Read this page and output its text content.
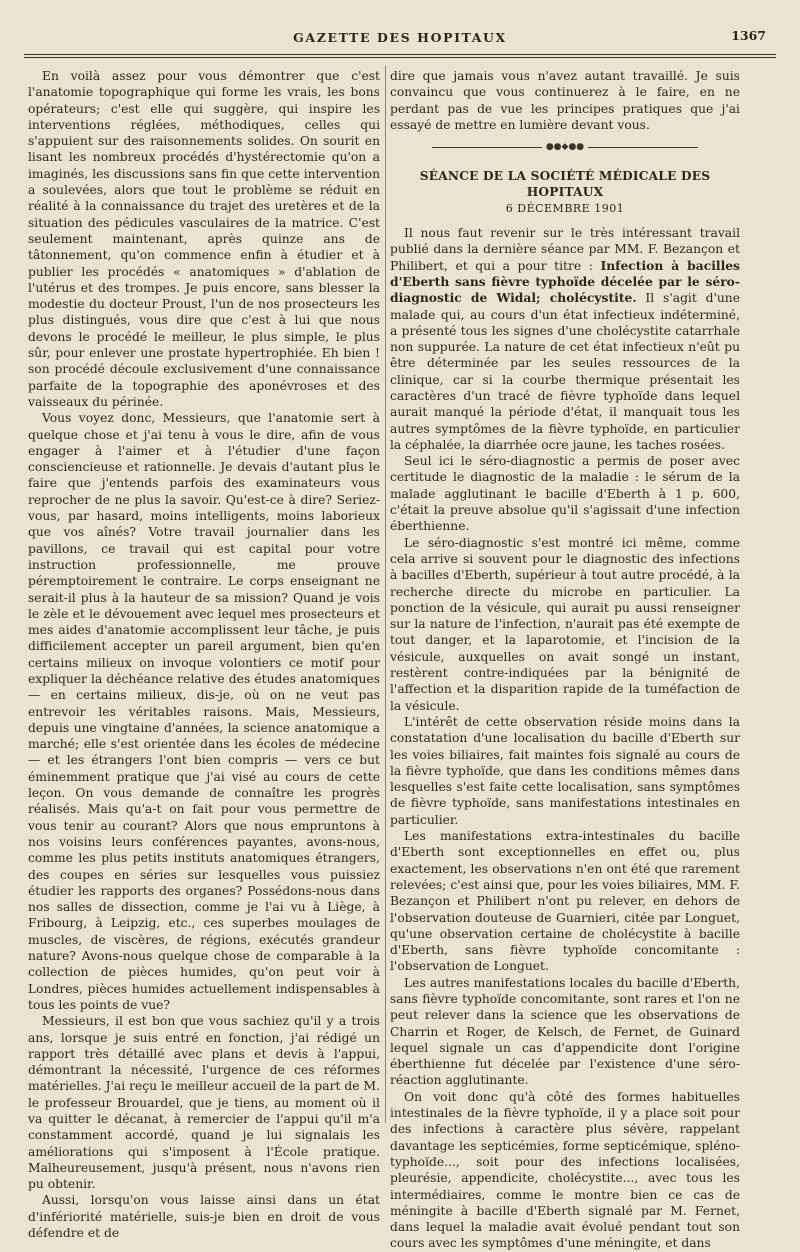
GAZETTE DES HOPITAUX	1367

En voilà assez pour vous démontrer que c'est l'anatomie topographique qui forme les vrais, les bons opérateurs; c'est elle qui suggère, qui inspire les interventions réglées, méthodiques, celles qui s'appuient sur des raisonnements solides. On sourit en lisant les nombreux procédés d'hystérectomie qu'on a imaginés, les discussions sans fin que cette intervention a soulevées, alors que tout le problème se réduit en réalité à la connaissance du trajet des uretères et de la situation des pédicules vasculaires de la matrice. C'est seulement maintenant, après quinze ans de tâtonnement, qu'on commence enfin à étudier et à publier les procédés « anatomiques » d'ablation de l'utérus et des trompes. Je puis encore, sans blesser la modestie du docteur Proust, l'un de nos prosecteurs les plus distingués, vous dire que c'est à lui que nous devons le procédé le meilleur, le plus simple, le plus sûr, pour enlever une prostate hypertrophiée. Eh bien ! son procédé découle exclusivement d'une connaissance parfaite de la topographie des aponévroses et des vaisseaux du périnée.

Vous voyez donc, Messieurs, que l'anatomie sert à quelque chose et j'ai tenu à vous le dire, afin de vous engager à l'aimer et à l'étudier d'une façon consciencieuse et rationnelle. Je devais d'autant plus le faire que j'entends parfois des examinateurs vous reprocher de ne plus la savoir. Qu'est-ce à dire? Seriez-vous, par hasard, moins intelligents, moins laborieux que vos aînés? Votre travail journalier dans les pavillons, ce travail qui est capital pour votre instruction professionnelle, me prouve péremptoirement le contraire. Le corps enseignant ne serait-il plus à la hauteur de sa mission? Quand je vois le zèle et le dévouement avec lequel mes prosecteurs et mes aides d'anatomie accomplissent leur tâche, je puis difficilement accepter un pareil argument, bien qu'en certains milieux on invoque volontiers ce motif pour expliquer la déchéance relative des études anatomiques — en certains milieux, dis-je, où on ne veut pas entrevoir les véritables raisons. Mais, Messieurs, depuis une vingtaine d'années, la science anatomique a marché; elle s'est orientée dans les écoles de médecine — et les étrangers l'ont bien compris — vers ce but éminemment pratique que j'ai visé au cours de cette leçon. On vous demande de connaître les progrès réalisés. Mais qu'a-t on fait pour vous permettre de vous tenir au courant? Alors que nous empruntons à nos voisins leurs conférences payantes, avons-nous, comme les plus petits instituts anatomiques étrangers, des coupes en séries sur lesquelles vous puissiez étudier les rapports des organes? Possédons-nous dans nos salles de dissection, comme je l'ai vu à Liège, à Fribourg, à Leipzig, etc., ces superbes moulages de muscles, de viscères, de régions, exécutés grandeur nature? Avons-nous quelque chose de comparable à la collection de pièces humides, qu'on peut voir à Londres, pièces humides actuellement indispensables à tous les points de vue?

Messieurs, il est bon que vous sachiez qu'il y a trois ans, lorsque je suis entré en fonction, j'ai rédigé un rapport très détaillé avec plans et devis à l'appui, démontrant la nécessité, l'urgence de ces réformes matérielles. J'ai reçu le meilleur accueil de la part de M. le professeur Brouardel, que je tiens, au moment où il va quitter le décanat, à remercier de l'appui qu'il m'a constamment accordé, quand je lui signalais les améliorations qui s'imposent à l'École pratique. Malheureusement, jusqu'à présent, nous n'avons rien pu obtenir.

Aussi, lorsqu'on vous laisse ainsi dans un état d'infériorité matérielle, suis-je bien en droit de vous défendre et de

dire que jamais vous n'avez autant travaillé. Je suis convaincu que vous continuerez à le faire, en ne perdant pas de vue les principes pratiques que j'ai essayé de mettre en lumière devant vous.

●●◆●●
SÉANCE DE LA SOCIÉTÉ MÉDICALE DES HOPITAUX
6 DÉCEMBRE 1901

Il nous faut revenir sur le très intéressant travail publié dans la dernière séance par MM. F. Bezançon et Philibert, et qui a pour titre : Infection à bacilles d'Eberth sans fièvre typhoïde décelée par le séro-diagnostic de Widal; cholécystite. Il s'agit d'une malade qui, au cours d'un état infectieux indéterminé, a présenté tous les signes d'une cholécystite catarrhale non suppurée. La nature de cet état infectieux n'eût pu être déterminée par les seules ressources de la clinique, car si la courbe thermique présentait les caractères d'un tracé de fièvre typhoïde dans lequel aurait manqué la période d'état, il manquait tous les autres symptômes de la fièvre typhoïde, en particulier la céphalée, la diarrhée ocre jaune, les taches rosées.

Seul ici le séro-diagnostic a permis de poser avec certitude le diagnostic de la maladie : le sérum de la malade agglutinant le bacille d'Eberth à 1 p. 600, c'était la preuve absolue qu'il s'agissait d'une infection éberthienne.

Le séro-diagnostic s'est montré ici même, comme cela arrive si souvent pour le diagnostic des infections à bacilles d'Eberth, supérieur à tout autre procédé, à la recherche directe du microbe en particulier. La ponction de la vésicule, qui aurait pu aussi renseigner sur la nature de l'infection, n'aurait pas été exempte de tout danger, et la laparotomie, et l'incision de la vésicule, auxquelles on avait songé un instant, restèrent contre-indiquées par la bénignité de l'affection et la disparition rapide de la tuméfaction de la vésicule.

L'intérêt de cette observation réside moins dans la constatation d'une localisation du bacille d'Eberth sur les voies biliaires, fait maintes fois signalé au cours de la fièvre typhoïde, que dans les conditions mêmes dans lesquelles s'est faite cette localisation, sans symptômes de fièvre typhoïde, sans manifestations intestinales en particulier.

Les manifestations extra-intestinales du bacille d'Eberth sont exceptionnelles en effet ou, plus exactement, les observations n'en ont été que rarement relevées; c'est ainsi que, pour les voies biliaires, MM. F. Bezançon et Philibert n'ont pu relever, en dehors de l'observation douteuse de Guarnieri, citée par Longuet, qu'une observation certaine de cholécystite à bacille d'Eberth, sans fièvre typhoïde concomitante : l'observation de Longuet.

Les autres manifestations locales du bacille d'Eberth, sans fièvre typhoïde concomitante, sont rares et l'on ne peut relever dans la science que les observations de Charrin et Roger, de Kelsch, de Fernet, de Guinard lequel signale un cas d'appendicite dont l'origine éberthienne fut décelée par l'existence d'une séro-réaction agglutinante.

On voit donc qu'à côté des formes habituelles intestinales de la fièvre typhoïde, il y a place soit pour des infections à caractère plus sévère, rappelant davantage les septicémies, forme septicémique, spléno-typhoïde..., soit pour des infections localisées, pleurésie, appendicite, cholécystite..., avec tous les intermédiaires, comme le montre bien ce cas de méningite à bacille d'Eberth signalé par M. Fernet, dans lequel la maladie avait évolué pendant tout son cours avec les symptômes d'une méningite, et dans
